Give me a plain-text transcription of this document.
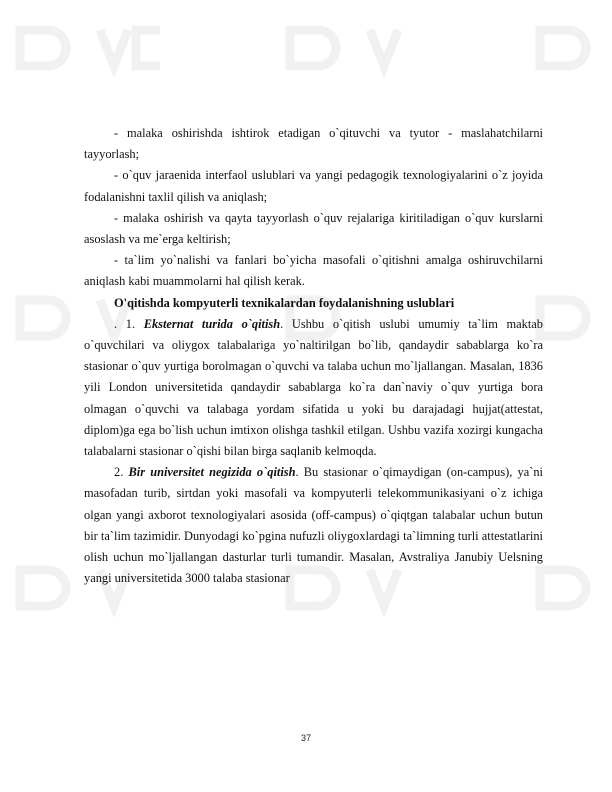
- malaka oshirishda ishtirok etadigan o`qituvchi va tyutor - maslahatchilarni tayyorlash;

- o`quv jaraenida interfaol uslublari va yangi pedagogik texnologiyalarini o`z joyida fodalanishni taxlil qilish va aniqlash;

- malaka oshirish va qayta tayyorlash o`quv rejalariga kiritiladigan o`quv kurslarni asoslash va me`erga keltirish;

- ta`lim yo`nalishi va fanlari bo`yicha masofali o`qitishni amalga oshiruvchilarni aniqlash kabi muammolarni hal qilish kerak.

O'qitishda kompyuterli texnikalardan foydalanishning uslublari

. 1. Eksternat turida o`qitish. Ushbu o`qitish uslubi umumiy ta`lim maktab o`quvchilari va oliygox talabalariga yo`naltirilgan bo`lib, qandaydir sabablarga ko`ra stasionar o`quv yurtiga borolmagan o`quvchi va talaba uchun mo`ljallangan. Masalan, 1836 yili London universitetida qandaydir sabablarga ko`ra dan`naviy o`quv yurtiga bora olmagan o`quvchi va talabaga yordam sifatida u yoki bu darajadagi hujjat(attestat, diplom)ga ega bo`lish uchun imtixon olishga tashkil etilgan. Ushbu vazifa xozirgi kungacha talabalarni stasionar o`qishi bilan birga saqlanib kelmoqda.

2. Bir universitet negizida o`qitish. Bu stasionar o`qimaydigan (on-campus), ya`ni masofadan turib, sirtdan yoki masofali va kompyuterli telekommunikasiyani o`z ichiga olgan yangi axborot texnologiyalari asosida (off-campus) o`qiqtgan talabalar uchun butun bir ta`lim tazimidir. Dunyodagi ko`pgina nufuzli oliygoxlardagi ta`limning turli attestatlarini olish uchun mo`ljallangan dasturlar turli tumandir. Masalan, Avstraliya Janubiy Uelsning yangi universitetida 3000 talaba stasionar

37
